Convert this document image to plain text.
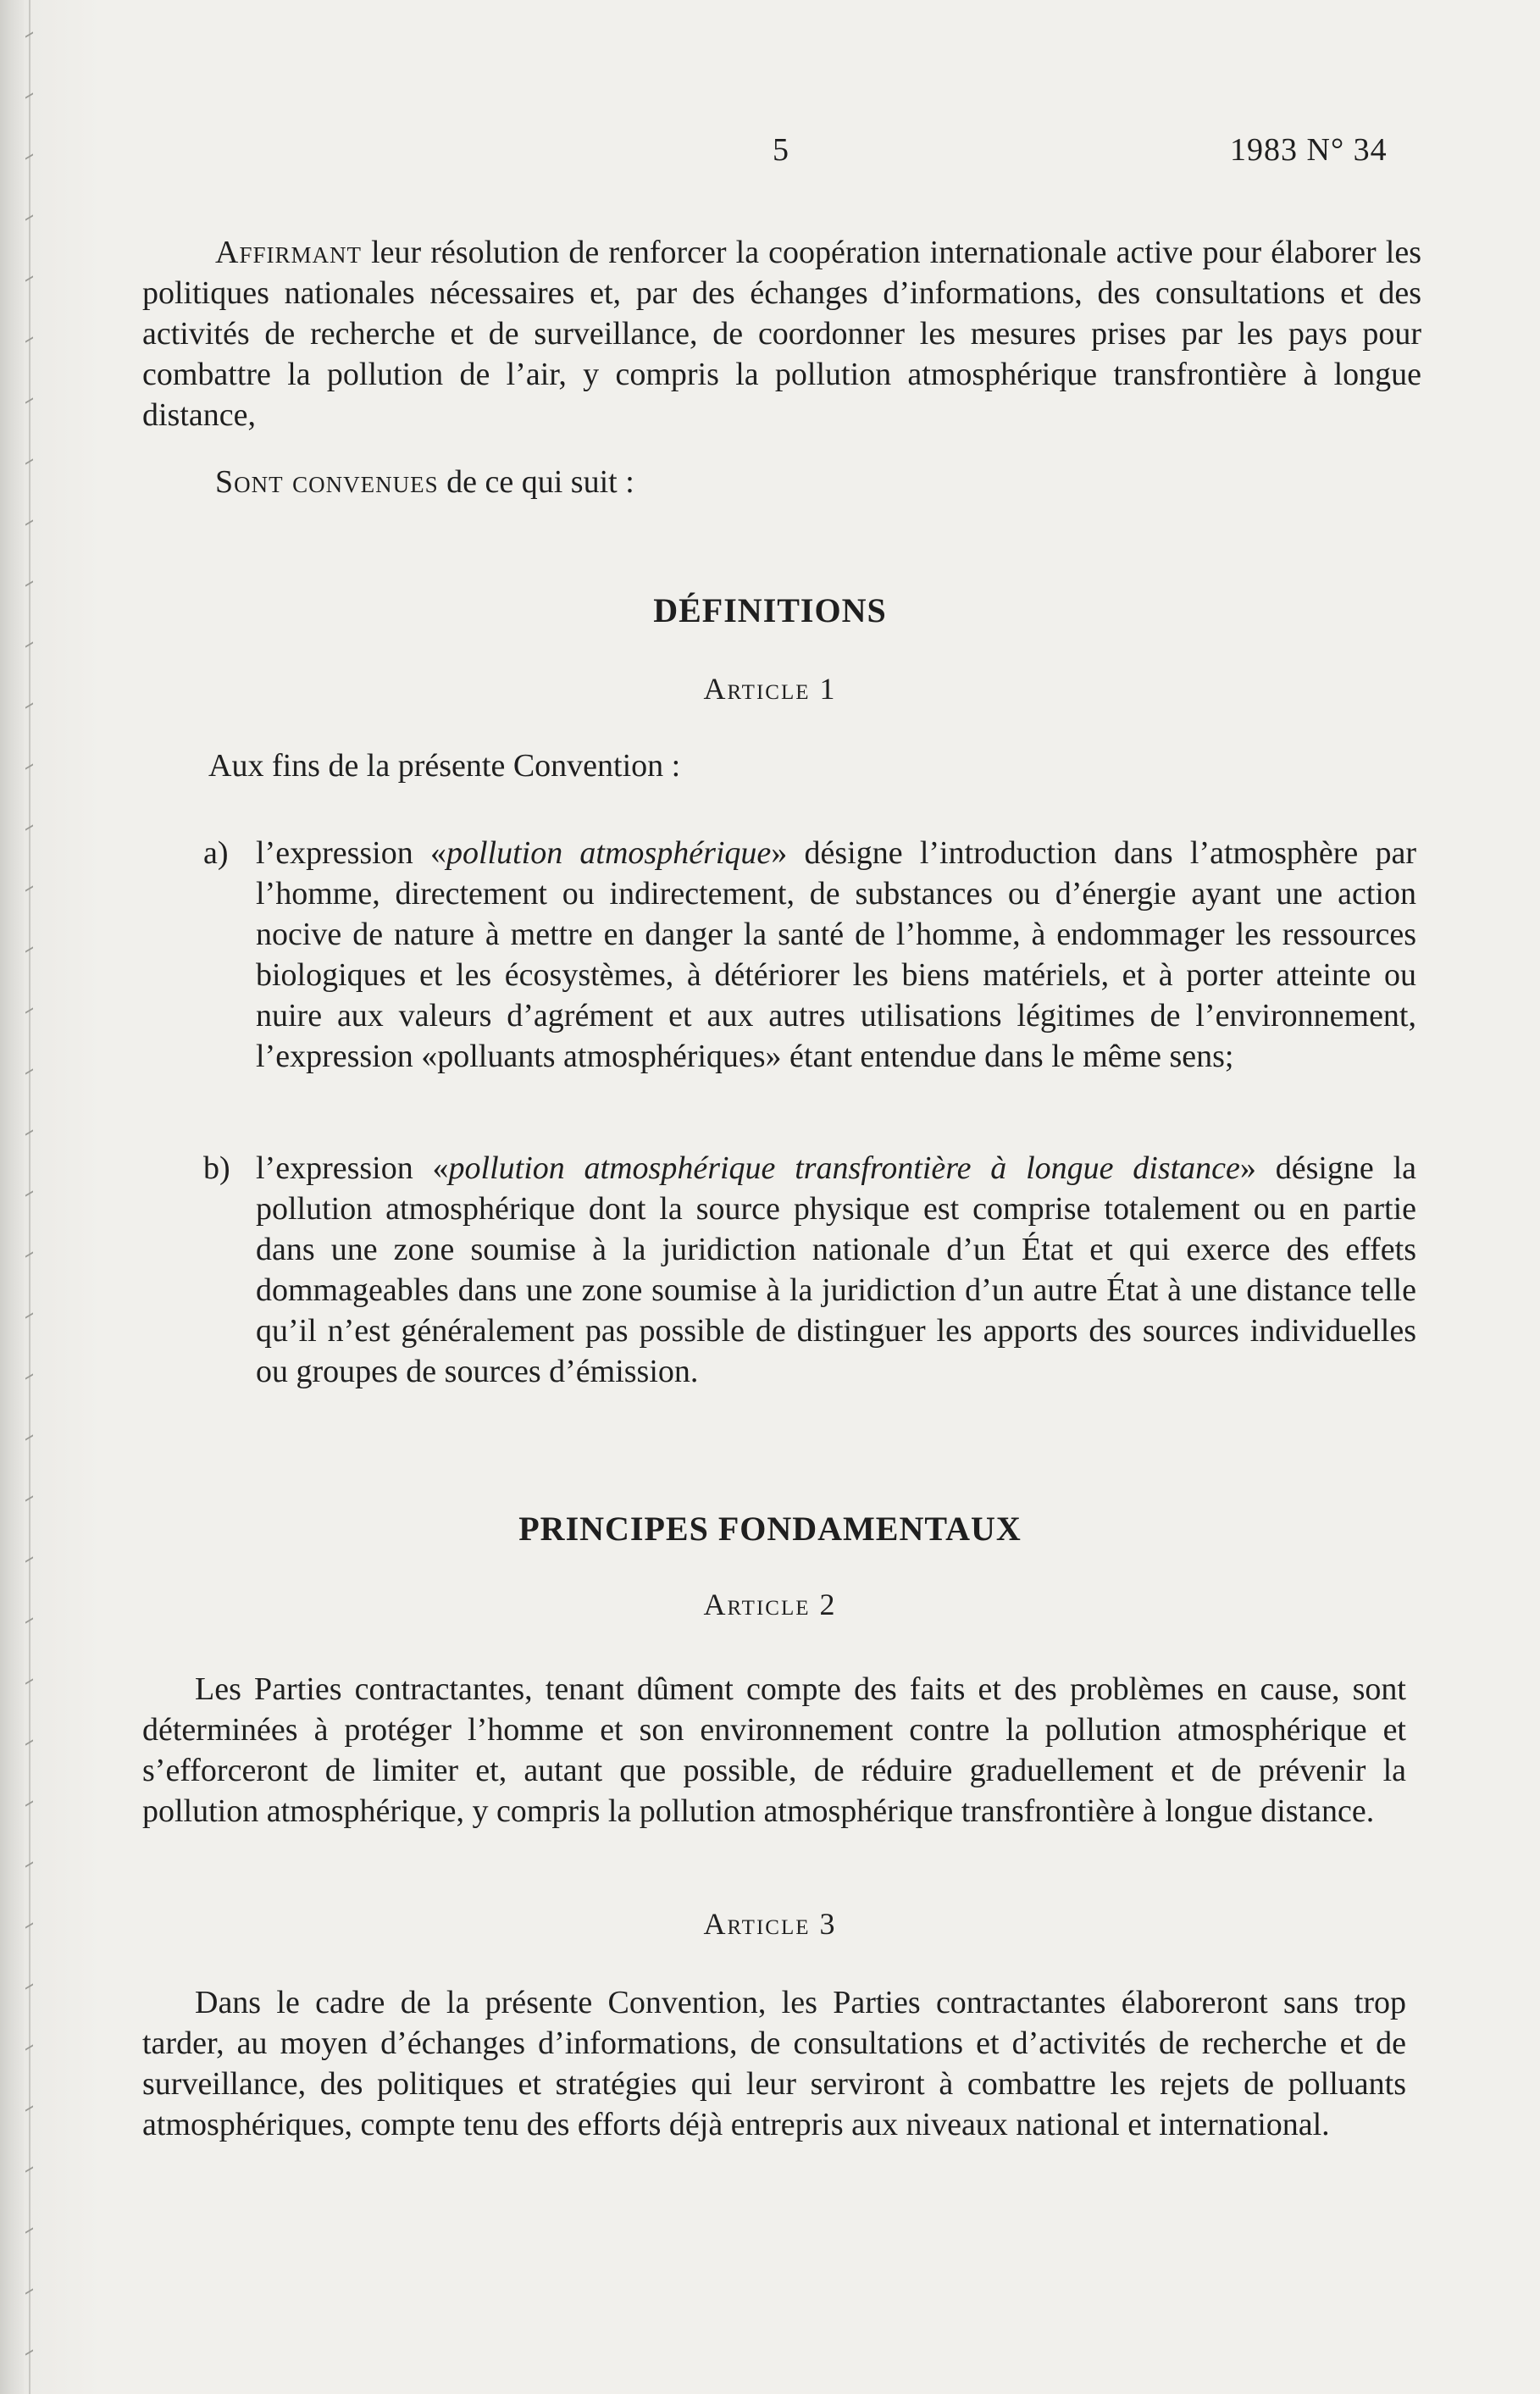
5	1983 N° 34
Affirmant leur résolution de renforcer la coopération internationale active pour élaborer les politiques nationales nécessaires et, par des échanges d’informations, des consultations et des activités de recherche et de surveillance, de coordonner les mesures prises par les pays pour combattre la pollution de l’air, y compris la pollution atmosphérique transfrontière à longue distance,
Sont convenues de ce qui suit :
DÉFINITIONS
Article 1
Aux fins de la présente Convention :
a) l’expression «pollution atmosphérique» désigne l’introduction dans l’atmosphère par l’homme, directement ou indirectement, de substances ou d’énergie ayant une action nocive de nature à mettre en danger la santé de l’homme, à endommager les ressources biologiques et les écosystèmes, à détériorer les biens matériels, et à porter atteinte ou nuire aux valeurs d’agrément et aux autres utilisations légitimes de l’environnement, l’expression «polluants atmosphériques» étant entendue dans le même sens;
b) l’expression «pollution atmosphérique transfrontière à longue distance» désigne la pollution atmosphérique dont la source physique est comprise totalement ou en partie dans une zone soumise à la juridiction nationale d’un État et qui exerce des effets dommageables dans une zone soumise à la juridiction d’un autre État à une distance telle qu’il n’est généralement pas possible de distinguer les apports des sources individuelles ou groupes de sources d’émission.
PRINCIPES FONDAMENTAUX
Article 2
Les Parties contractantes, tenant dûment compte des faits et des problèmes en cause, sont déterminées à protéger l’homme et son environnement contre la pollution atmosphérique et s’efforceront de limiter et, autant que possible, de réduire graduellement et de prévenir la pollution atmosphérique, y compris la pollution atmosphérique transfrontière à longue distance.
Article 3
Dans le cadre de la présente Convention, les Parties contractantes élaboreront sans trop tarder, au moyen d’échanges d’informations, de consultations et d’activités de recherche et de surveillance, des politiques et stratégies qui leur serviront à combattre les rejets de polluants atmosphériques, compte tenu des efforts déjà entrepris aux niveaux national et international.
